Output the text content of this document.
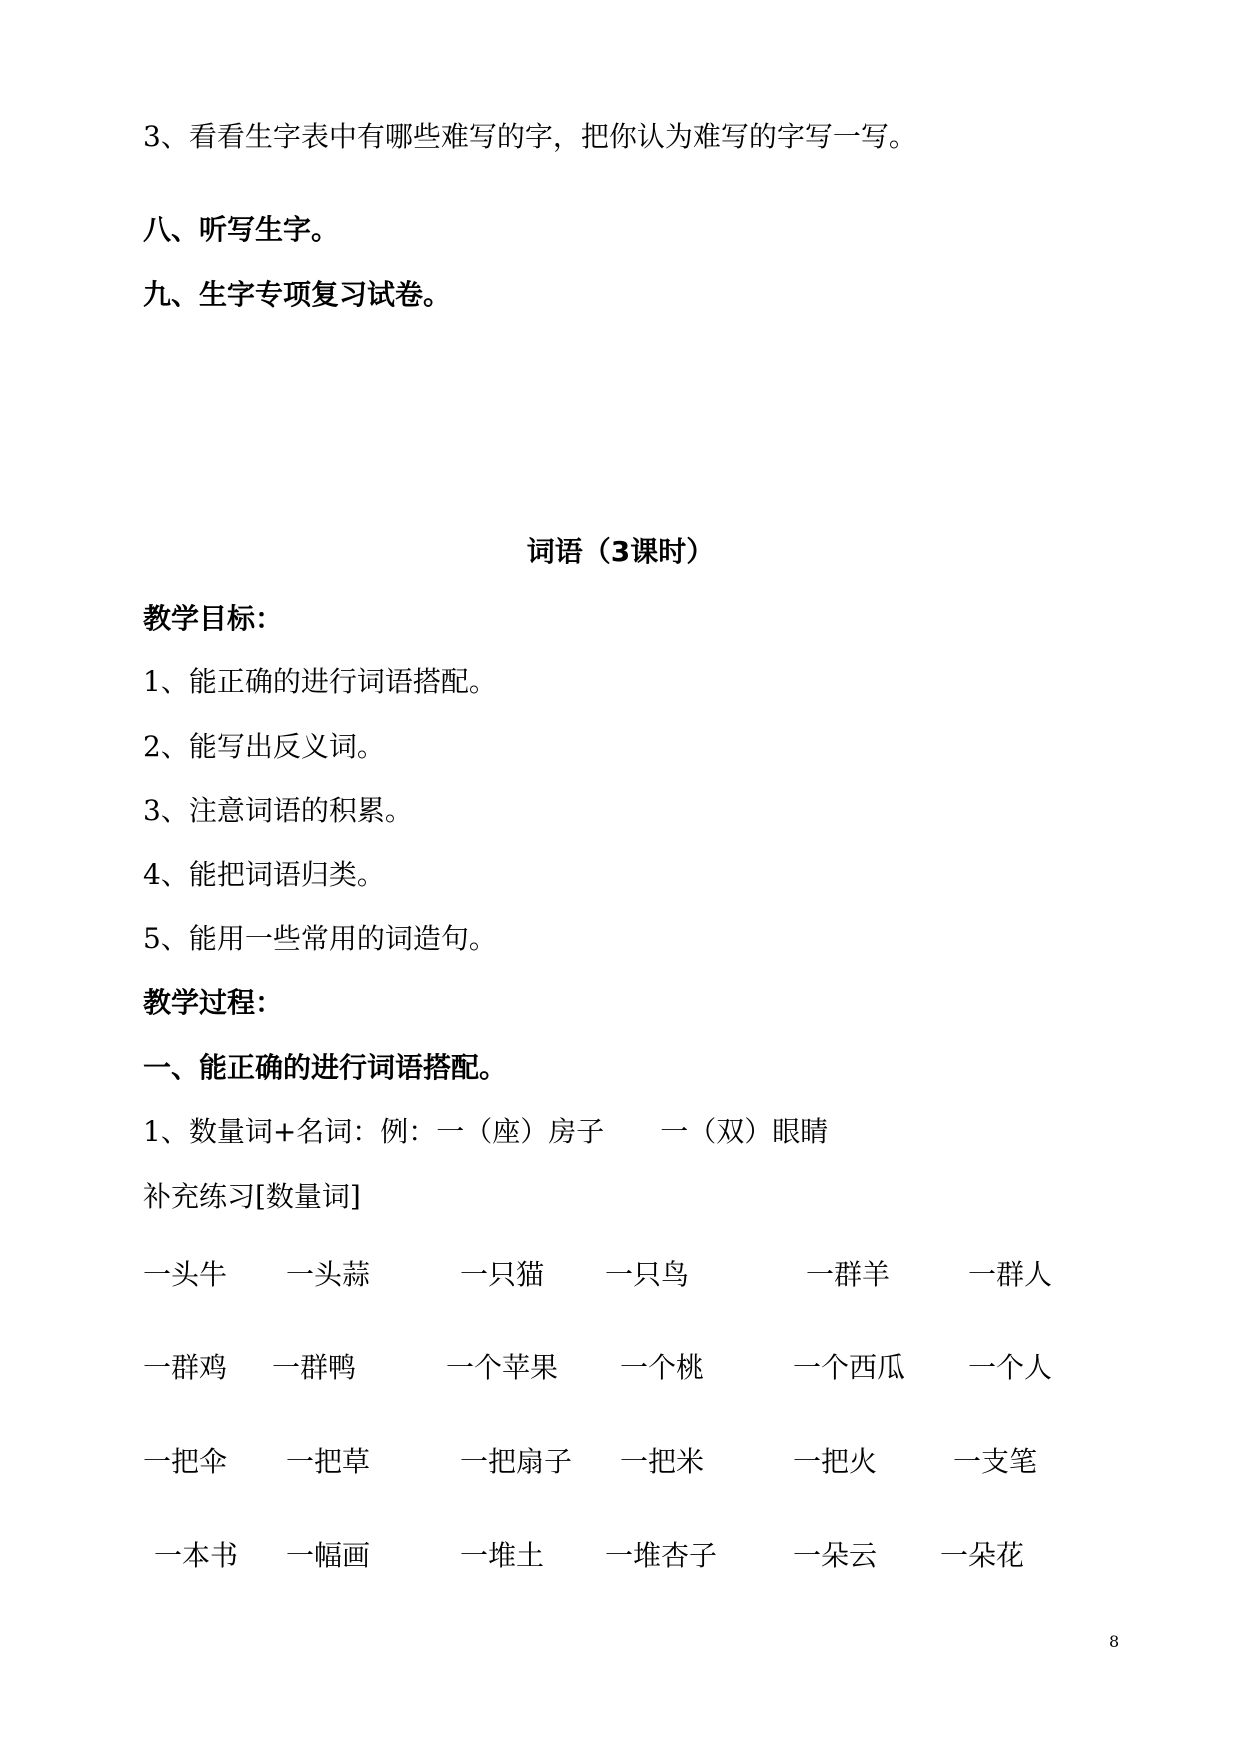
3、看看生字表中有哪些难写的字，把你认为难写的字写一写。
八、听写生字。
九、生字专项复习试卷。
词语（3课时）
教学目标：
1、能正确的进行词语搭配。
2、能写出反义词。
3、注意词语的积累。
4、能把词语归类。
5、能用一些常用的词造句。
教学过程：
一、能正确的进行词语搭配。
1、数量词+名词：例：一（座）房子　　一（双）眼睛
补充练习[数量词]
一头牛 一头蒜	一只猫 一只鸟	一群羊	一群人
一群鸡 一群鸭	一个苹果 一个桃	一个西瓜 一个人
一把伞 一把草	一把扇子 一把米	一把火	一支笔
一本书 一幅画	一堆土 一堆杏子	一朵云 一朵花
8
